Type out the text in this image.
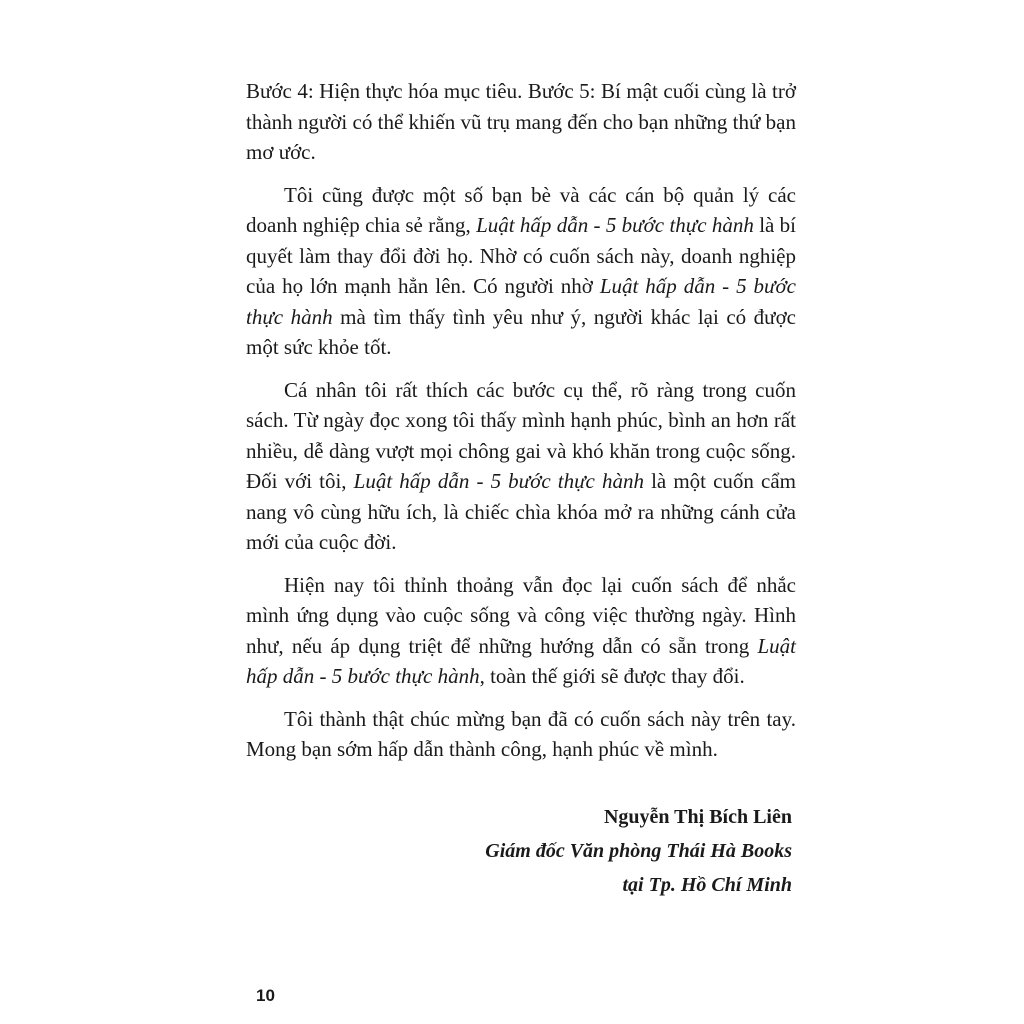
Bước 4: Hiện thực hóa mục tiêu. Bước 5: Bí mật cuối cùng là trở thành người có thể khiến vũ trụ mang đến cho bạn những thứ bạn mơ ước.

Tôi cũng được một số bạn bè và các cán bộ quản lý các doanh nghiệp chia sẻ rằng, Luật hấp dẫn - 5 bước thực hành là bí quyết làm thay đổi đời họ. Nhờ có cuốn sách này, doanh nghiệp của họ lớn mạnh hẳn lên. Có người nhờ Luật hấp dẫn - 5 bước thực hành mà tìm thấy tình yêu như ý, người khác lại có được một sức khỏe tốt.

Cá nhân tôi rất thích các bước cụ thể, rõ ràng trong cuốn sách. Từ ngày đọc xong tôi thấy mình hạnh phúc, bình an hơn rất nhiều, dễ dàng vượt mọi chông gai và khó khăn trong cuộc sống. Đối với tôi, Luật hấp dẫn - 5 bước thực hành là một cuốn cẩm nang vô cùng hữu ích, là chiếc chìa khóa mở ra những cánh cửa mới của cuộc đời.

Hiện nay tôi thỉnh thoảng vẫn đọc lại cuốn sách để nhắc mình ứng dụng vào cuộc sống và công việc thường ngày. Hình như, nếu áp dụng triệt để những hướng dẫn có sẵn trong Luật hấp dẫn - 5 bước thực hành, toàn thế giới sẽ được thay đổi.

Tôi thành thật chúc mừng bạn đã có cuốn sách này trên tay. Mong bạn sớm hấp dẫn thành công, hạnh phúc về mình.

Nguyễn Thị Bích Liên
Giám đốc Văn phòng Thái Hà Books
tại Tp. Hồ Chí Minh
10
